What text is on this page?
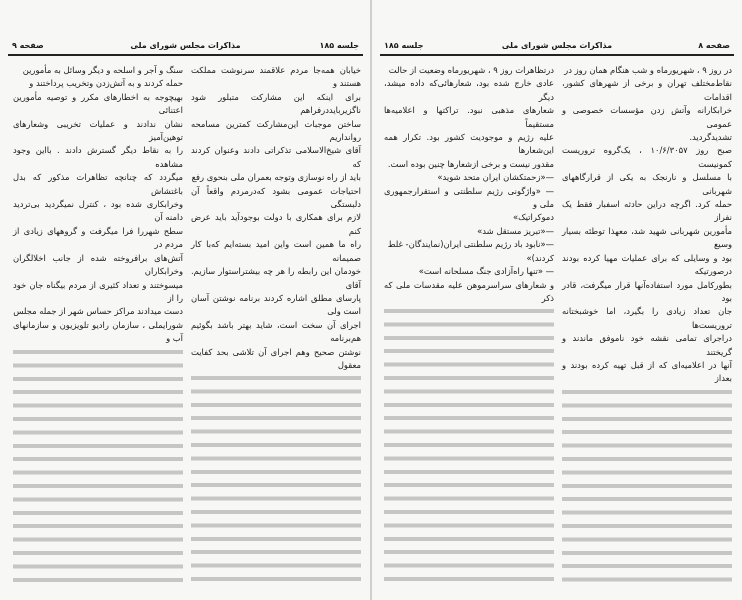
جلسه ۱۸۵
مذاکرات مجلس شورای ملی
صفحه ۹

سنگ و آجر و اسلحه و دیگر وسائل به مأمورین

حمله کردند و به آتش‌زدن وتخریب پرداختند و

بهیچوجه به اخطارهای مکرر و توصیه مأمورین اعتنائی

نشان ندادند و عملیات تخریبی وشعارهای توهین‌آمیز

را به نقاط دیگر گسترش دادند . بااین وجود مشاهده

میگردد که چنانچه تظاهرات مذکور که بدل باغتشاش

وخرابکاری شده بود ، کنترل نمیگردید بی‌تردید دامنه آن

سطح شهررا فرا میگرفت و گروههای زیادی از مردم در

آتش‌های برافروخته شده از جانب اخلالگران وخرابکاران

میسوختند و تعداد کثیری از مردم بیگناه جان خود را از

دست میدادند مراکز حساس شهر از جمله مجلس

شورایملی ، سازمان رادیو تلویزیون و سازمانهای آب و

خیابان همه‌جا مردم علاقمند سرنوشت مملکت هستند و

برای اینکه این مشارکت متبلور شود ناگزیربایددرفراهم

ساختن موجبات این‌مشارکت کمترین مسامحه روانداریم

آقای شیخ‌الاسلامی تذکراتی دادند وعنوان کردند که

باید از راه نوسازی وتوجه بعمران ملی بنحوی رفع

احتیاجات عمومی بشود که‌درمردم واقعاً آن دلبستگی

لازم برای همکاری با دولت بوجودآید باید عرض کنم

راه ما همین است واین امید بسته‌ایم که‌با کار صمیمانه

خودمان این رابطه را هر چه بیشتراستوار سازیم. آقای

پارسای مطلق اشاره کردند برنامه نوشتن آسان است ولی

اجرای آن سخت است، شاید بهتر باشد بگوئیم هم‌برنامه

نوشتن صحیح وهم اجرای آن تلاشی بحد کفایت معقول

صفحه ۸
مذاکرات مجلس شورای ملی
جلسه ۱۸۵

در روز ۹ ، شهریورماه و شب هنگام همان روز در

نقاط‌مختلف تهران و برخی از شهرهای کشور، اقدامات

خرابکارانه وآتش زدن مؤسسات خصوصی و عمومی

تشدیدگردید.

صبح روز ۱۰/۶/۳۰۵۷ ، یک‌گروه تروریست کمونیست

با مسلسل و نارنجک به یکی از قرارگاههای شهربانی

حمله کرد. اگرچه دراین حادثه اسفبار فقط یک نفراز

مأمورین شهربانی شهید شد، معهذا توطئه بسیار وسیع

بود و وسایلی که برای عملیات مهیا کرده بودند درصورتیکه

بطورکامل مورد استفاده‌آنها قرار میگرفت، قادر بود

جان تعداد زیادی را بگیرد، اما خوشبختانه تروریست‌ها

دراجرای تمامی نقشه خود ناموفق ماندند و گریختند

آنها در اعلامیه‌ای که از قبل تهیه کرده بودند و بعداز

درتظاهرات روز ۹ ، شهریورماه وضعیت از حالت

عادی خارج شده بود، شعارهائی‌که داده میشد، دیگر

شعارهای مذهبی نبود. تراکتها و اعلامیه‌ها مستقیماً

علیه رژیم و موجودیت کشور بود. تکرار همه این‌شعارها

مقدور نیست و برخی ازشعارها چنین بوده است.

—«زحمتکشان ایران متحد شوید»

— «واژگونی رژیم سلطنتی و استقرارجمهوری ملی و

دموکراتیک»

—«تبریز مستقل شد»

—«نابود باد رژیم سلطنتی ایران(نمایندگان- غلط

کردند)»

— «تنها راه‌آزادی جنگ مسلحانه است»

و شعارهای سراسرموهن علیه مقدسات ملی که ذکر
